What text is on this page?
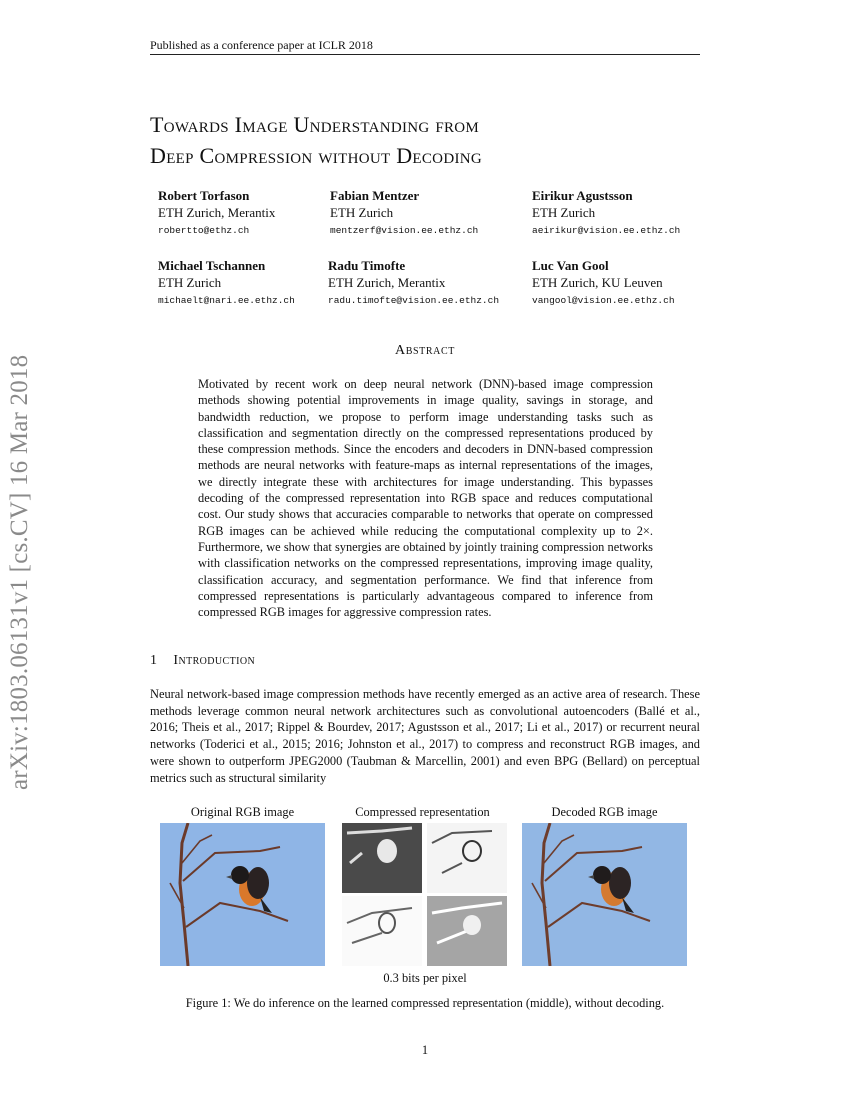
Published as a conference paper at ICLR 2018
arXiv:1803.06131v1 [cs.CV] 16 Mar 2018
Towards Image Understanding from
Deep Compression without Decoding
Robert Torfason
ETH Zurich, Merantix
robertto@ethz.ch
Fabian Mentzer
ETH Zurich
mentzerf@vision.ee.ethz.ch
Eirikur Agustsson
ETH Zurich
aeirikur@vision.ee.ethz.ch
Michael Tschannen
ETH Zurich
michaelt@nari.ee.ethz.ch
Radu Timofte
ETH Zurich, Merantix
radu.timofte@vision.ee.ethz.ch
Luc Van Gool
ETH Zurich, KU Leuven
vangool@vision.ee.ethz.ch
Abstract
Motivated by recent work on deep neural network (DNN)-based image compression methods showing potential improvements in image quality, savings in storage, and bandwidth reduction, we propose to perform image understanding tasks such as classification and segmentation directly on the compressed representations produced by these compression methods. Since the encoders and decoders in DNN-based compression methods are neural networks with feature-maps as internal representations of the images, we directly integrate these with architectures for image understanding. This bypasses decoding of the compressed representation into RGB space and reduces computational cost. Our study shows that accuracies comparable to networks that operate on compressed RGB images can be achieved while reducing the computational complexity up to 2×. Furthermore, we show that synergies are obtained by jointly training compression networks with classification networks on the compressed representations, improving image quality, classification accuracy, and segmentation performance. We find that inference from compressed representations is particularly advantageous compared to inference from compressed RGB images for aggressive compression rates.
1 Introduction
Neural network-based image compression methods have recently emerged as an active area of research. These methods leverage common neural network architectures such as convolutional autoencoders (Ballé et al., 2016; Theis et al., 2017; Rippel & Bourdev, 2017; Agustsson et al., 2017; Li et al., 2017) or recurrent neural networks (Toderici et al., 2015; 2016; Johnston et al., 2017) to compress and reconstruct RGB images, and were shown to outperform JPEG2000 (Taubman & Marcellin, 2001) and even BPG (Bellard) on perceptual metrics such as structural similarity
Original RGB image	Compressed representation	Decoded RGB image
0.3 bits per pixel
Figure 1: We do inference on the learned compressed representation (middle), without decoding.
1
